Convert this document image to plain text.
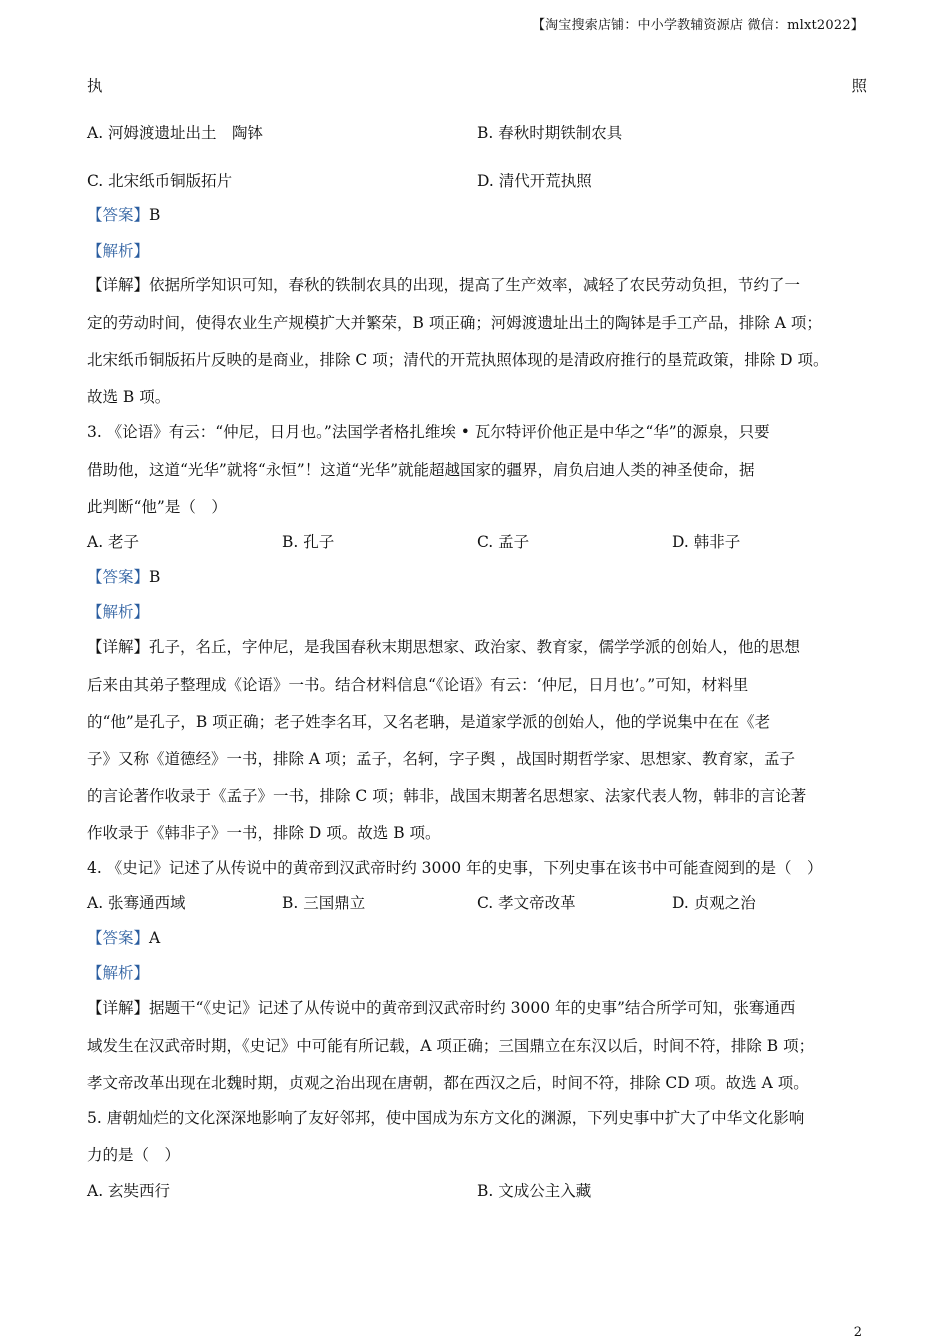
【淘宝搜索店铺：中小学教辅资源店 微信：mlxt2022】
执	照
A. 河姆渡遗址出土　陶钵	B. 春秋时期铁制农具
C. 北宋纸币铜版拓片	D. 清代开荒执照
【答案】B
【解析】
【详解】依据所学知识可知，春秋的铁制农具的出现，提高了生产效率，减轻了农民劳动负担，节约了一
定的劳动时间，使得农业生产规模扩大并繁荣，B 项正确；河姆渡遗址出土的陶钵是手工产品，排除 A 项；
北宋纸币铜版拓片反映的是商业，排除 C 项；清代的开荒执照体现的是清政府推行的垦荒政策，排除 D 项。
故选 B 项。
3. 《论语》有云：“仲尼，日月也。”法国学者格扎维埃 • 瓦尔特评价他正是中华之“华”的源泉，只要
借助他，这道“光华”就将“永恒”！这道“光华”就能超越国家的疆界，肩负启迪人类的神圣使命，据
此判断“他”是（　）
A. 老子	B. 孔子	C. 孟子	D. 韩非子
【答案】B
【解析】
【详解】孔子，名丘，字仲尼，是我国春秋末期思想家、政治家、教育家，儒学学派的创始人，他的思想
后来由其弟子整理成《论语》一书。结合材料信息“《论语》有云：‘仲尼，日月也’。”可知，材料里
的“他”是孔子，B 项正确；老子姓李名耳，又名老聃，是道家学派的创始人，他的学说集中在在《老
子》又称《道德经》一书，排除 A 项；孟子，名轲，字子舆 ，战国时期哲学家、思想家、教育家，孟子
的言论著作收录于《孟子》一书，排除 C 项；韩非，战国末期著名思想家、法家代表人物，韩非的言论著
作收录于《韩非子》一书，排除 D 项。故选 B 项。
4. 《史记》记述了从传说中的黄帝到汉武帝时约 3000 年的史事，下列史事在该书中可能查阅到的是（　）
A. 张骞通西域	B. 三国鼎立	C. 孝文帝改革	D. 贞观之治
【答案】A
【解析】
【详解】据题干“《史记》记述了从传说中的黄帝到汉武帝时约 3000 年的史事”结合所学可知，张骞通西
域发生在汉武帝时期，《史记》中可能有所记载，A 项正确；三国鼎立在东汉以后，时间不符，排除 B 项；
孝文帝改革出现在北魏时期，贞观之治出现在唐朝，都在西汉之后，时间不符，排除 CD 项。故选 A 项。
5. 唐朝灿烂的文化深深地影响了友好邻邦，使中国成为东方文化的渊源，下列史事中扩大了中华文化影响
力的是（　）
A. 玄奘西行	B. 文成公主入藏
2
